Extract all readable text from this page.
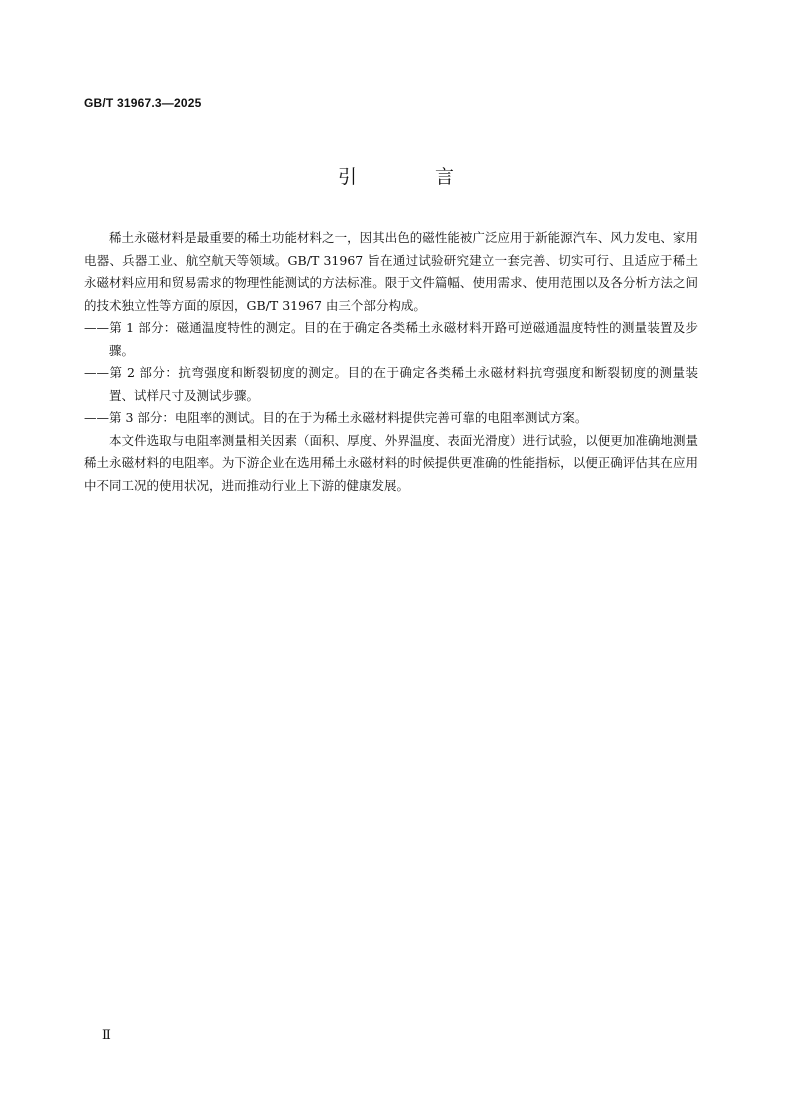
GB/T 31967.3—2025
引 言

稀土永磁材料是最重要的稀土功能材料之一，因其出色的磁性能被广泛应用于新能源汽车、风力发电、家用电器、兵器工业、航空航天等领域。GB/T 31967 旨在通过试验研究建立一套完善、切实可行、且适应于稀土永磁材料应用和贸易需求的物理性能测试的方法标准。限于文件篇幅、使用需求、使用范围以及各分析方法之间的技术独立性等方面的原因，GB/T 31967 由三个部分构成。

——第 1 部分：磁通温度特性的测定。目的在于确定各类稀土永磁材料开路可逆磁通温度特性的测量装置及步骤。

——第 2 部分：抗弯强度和断裂韧度的测定。目的在于确定各类稀土永磁材料抗弯强度和断裂韧度的测量装置、试样尺寸及测试步骤。

——第 3 部分：电阻率的测试。目的在于为稀土永磁材料提供完善可靠的电阻率测试方案。

本文件选取与电阻率测量相关因素（面积、厚度、外界温度、表面光滑度）进行试验，以便更加准确地测量稀土永磁材料的电阻率。为下游企业在选用稀土永磁材料的时候提供更准确的性能指标，以便正确评估其在应用中不同工况的使用状况，进而推动行业上下游的健康发展。

Ⅱ
